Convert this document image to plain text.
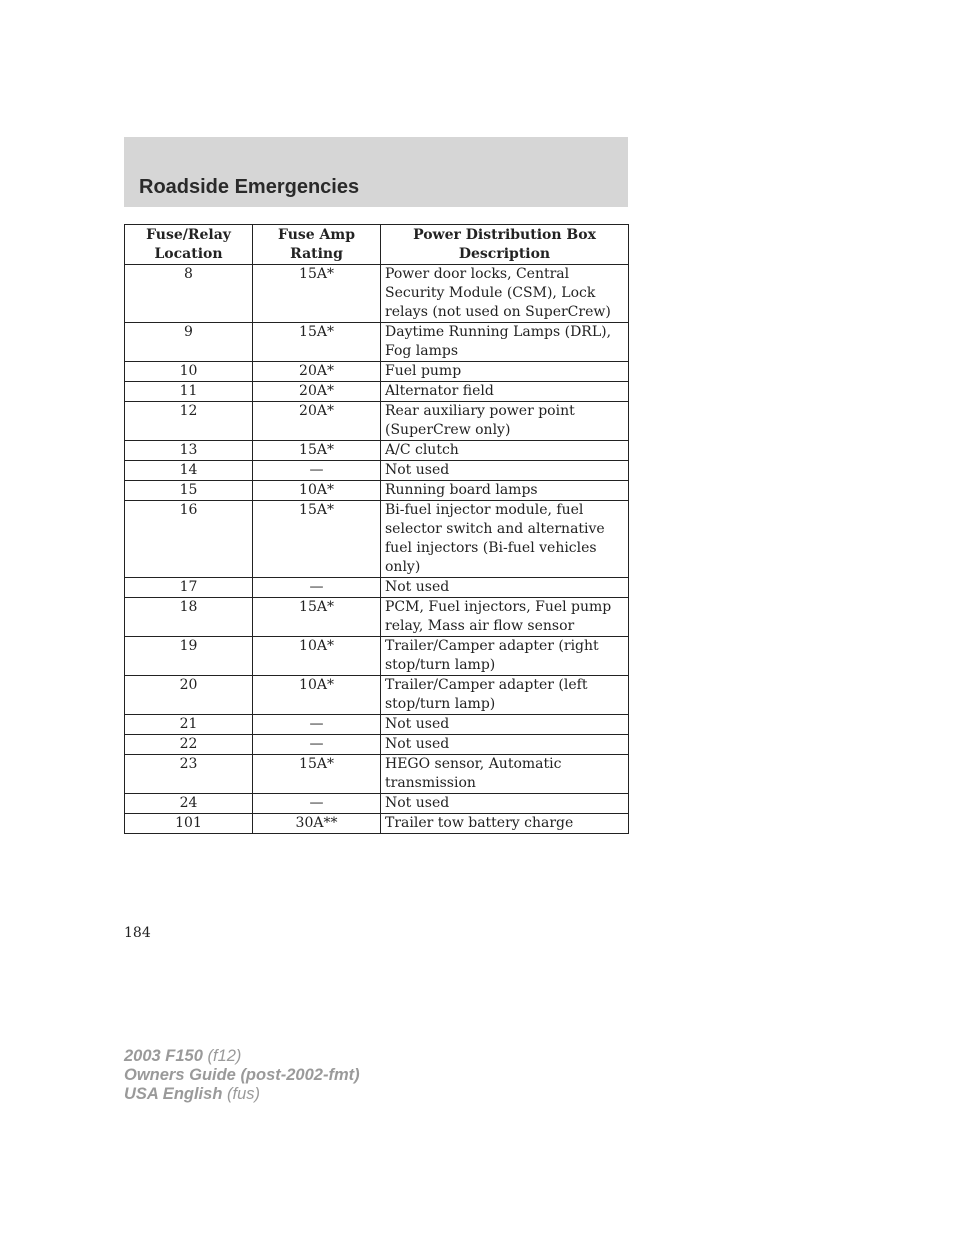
Roadside Emergencies
Fuse/Relay Location	Fuse Amp Rating	Power Distribution Box Description
8	15A*	Power door locks, Central Security Module (CSM), Lock relays (not used on SuperCrew)
9	15A*	Daytime Running Lamps (DRL), Fog lamps
10	20A*	Fuel pump
11	20A*	Alternator field
12	20A*	Rear auxiliary power point (SuperCrew only)
13	15A*	A/C clutch
14	—	Not used
15	10A*	Running board lamps
16	15A*	Bi-fuel injector module, fuel selector switch and alternative fuel injectors (Bi-fuel vehicles only)
17	—	Not used
18	15A*	PCM, Fuel injectors, Fuel pump relay, Mass air flow sensor
19	10A*	Trailer/Camper adapter (right stop/turn lamp)
20	10A*	Trailer/Camper adapter (left stop/turn lamp)
21	—	Not used
22	—	Not used
23	15A*	HEGO sensor, Automatic transmission
24	—	Not used
101	30A**	Trailer tow battery charge
184
2003 F150 (f12)
Owners Guide (post-2002-fmt)
USA English (fus)
